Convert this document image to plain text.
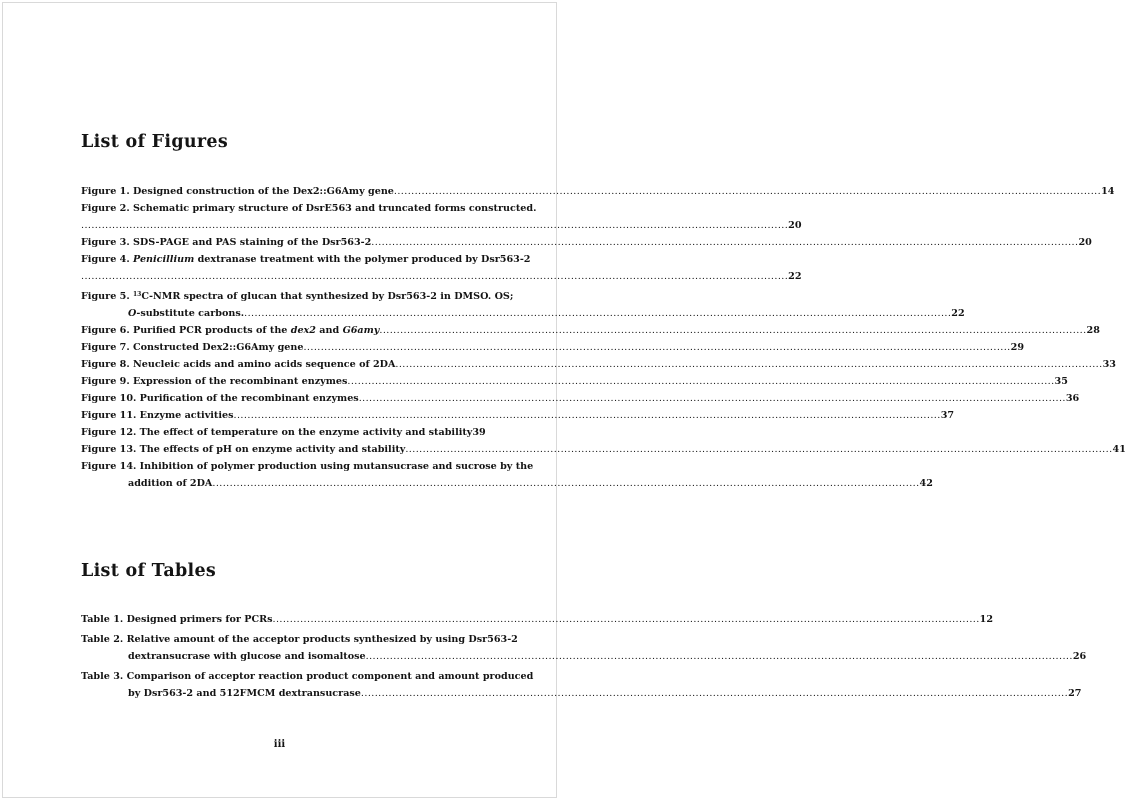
List of Figures
Figure 1. Designed construction of the Dex2::G6Amy gene ............................................................................................................................................................................................................. 14
Figure 2. Schematic primary structure of DsrE563 and truncated forms constructed.
............................................................................................................................................................................................................. 20
Figure 3. SDS-PAGE and PAS staining of the Dsr563-2 ............................................................................................................................................................................................................. 20
Figure 4. Penicillium dextranase treatment with the polymer produced by Dsr563-2
............................................................................................................................................................................................................. 22
Figure 5. $^{13}$C-NMR spectra of glucan that synthesized by Dsr563-2 in DMSO. OS;
O-substitute carbons. ............................................................................................................................................................................................................. 22
Figure 6. Purified PCR products of the dex2 and G6amy ............................................................................................................................................................................................................. 28
Figure 7. Constructed Dex2::G6Amy gene ............................................................................................................................................................................................................. 29
Figure 8. Neucleic acids and amino acids sequence of 2DA ............................................................................................................................................................................................................. 33
Figure 9. Expression of the recombinant enzymes ............................................................................................................................................................................................................. 35
Figure 10. Purification of the recombinant enzymes ............................................................................................................................................................................................................. 36
Figure 11. Enzyme activities ............................................................................................................................................................................................................. 37
Figure 12. The effect of temperature on the enzyme activity and stability 39
Figure 13. The effects of pH on enzyme activity and stability ............................................................................................................................................................................................................. 41
Figure 14. Inhibition of polymer production using mutansucrase and sucrose by the
addition of 2DA ............................................................................................................................................................................................................. 42
List of Tables
Table 1. Designed primers for PCRs ............................................................................................................................................................................................................. 12
Table 2. Relative amount of the acceptor products synthesized by using Dsr563-2
dextransucrase with glucose and isomaltose ............................................................................................................................................................................................................. 26
Table 3. Comparison of acceptor reaction product component and amount produced
by Dsr563-2 and 512FMCM dextransucrase ............................................................................................................................................................................................................. 27
iii
